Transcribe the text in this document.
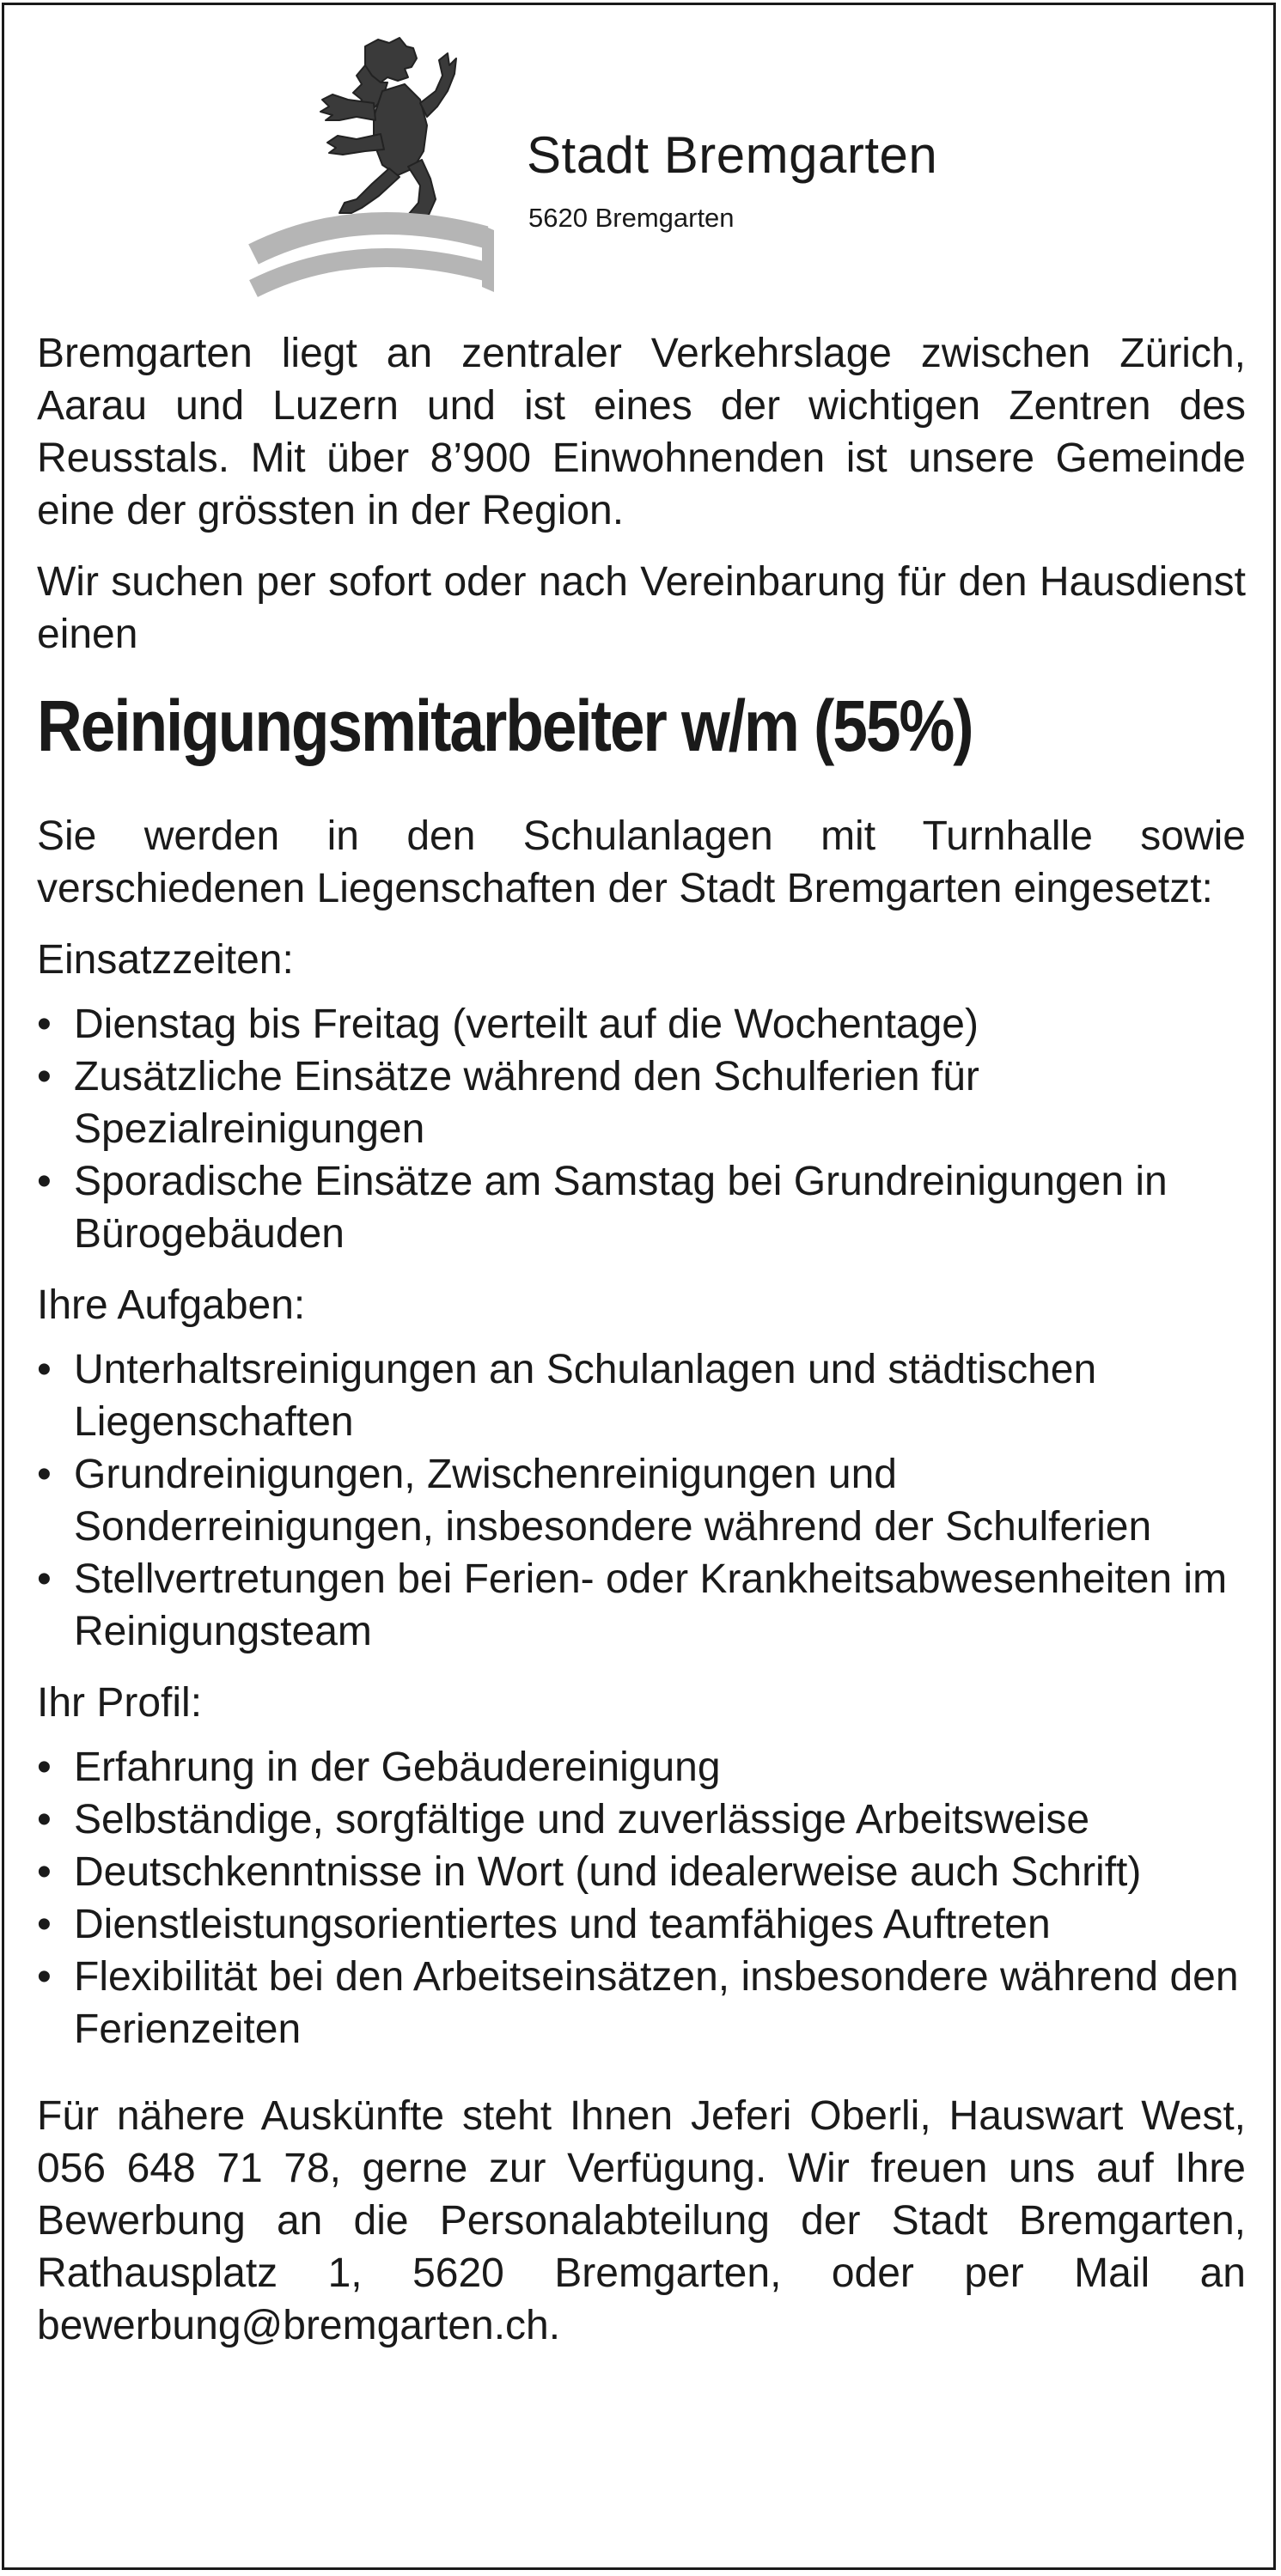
Stadt Bremgarten
5620 Bremgarten

Bremgarten liegt an zentraler Verkehrslage zwischen Zürich, Aarau und Luzern und ist eines der wichtigen Zentren des Reusstals. Mit über 8’900 Einwohnenden ist unsere Gemeinde eine der grössten in der Region.

Wir suchen per sofort oder nach Vereinbarung für den Hausdienst einen

Reinigungsmitarbeiter w/m (55%)

Sie werden in den Schulanlagen mit Turnhalle sowie verschiedenen Liegenschaften der Stadt Bremgarten eingesetzt:

Einsatzzeiten:

• Dienstag bis Freitag (verteilt auf die Wochentage)
• Zusätzliche Einsätze während den Schulferien für Spezialreinigungen
• Sporadische Einsätze am Samstag bei Grundreinigungen in Bürogebäuden

Ihre Aufgaben:

• Unterhaltsreinigungen an Schulanlagen und städtischen Liegenschaften
• Grundreinigungen, Zwischenreinigungen und Sonderreinigungen, insbesondere während der Schulferien
• Stellvertretungen bei Ferien- oder Krankheitsabwesenheiten im Reinigungsteam

Ihr Profil:

• Erfahrung in der Gebäudereinigung
• Selbständige, sorgfältige und zuverlässige Arbeitsweise
• Deutschkenntnisse in Wort (und idealerweise auch Schrift)
• Dienstleistungsorientiertes und teamfähiges Auftreten
• Flexibilität bei den Arbeitseinsätzen, insbesondere während den Ferienzeiten

Für nähere Auskünfte steht Ihnen Jeferi Oberli, Hauswart West, 056 648 71 78, gerne zur Verfügung. Wir freuen uns auf Ihre Bewerbung an die Personalabteilung der Stadt Bremgarten, Rathausplatz 1, 5620 Bremgarten, oder per Mail an bewerbung@bremgarten.ch.
